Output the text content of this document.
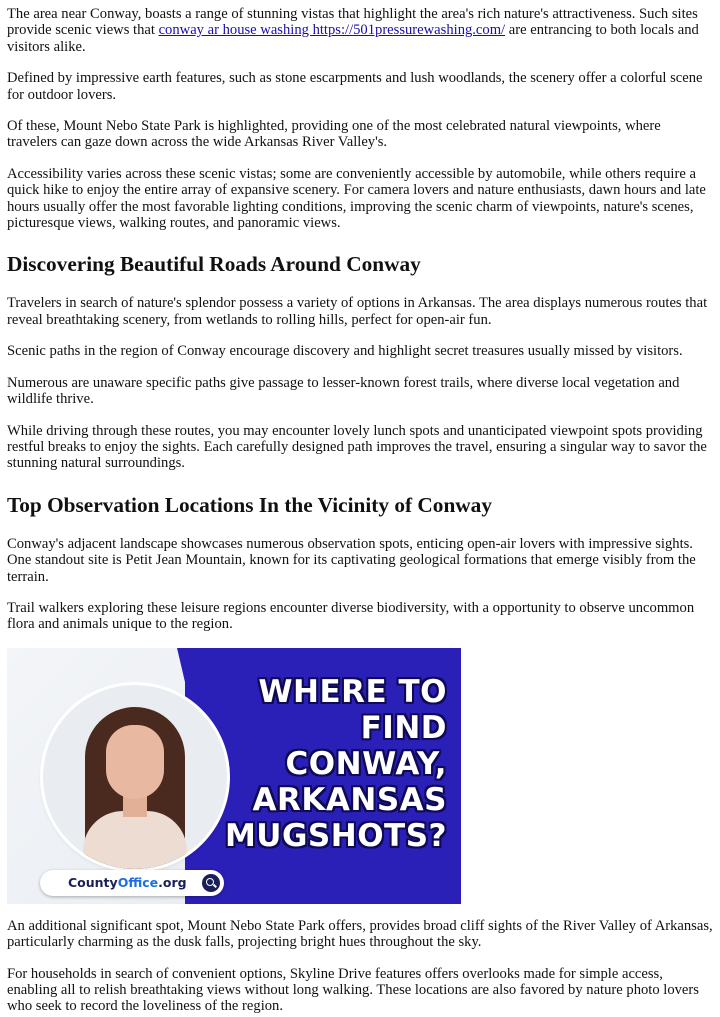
The area near Conway, boasts a range of stunning vistas that highlight the area's rich nature's attractiveness. Such sites provide scenic views that conway ar house washing https://501pressurewashing.com/ are entrancing to both locals and visitors alike.

Defined by impressive earth features, such as stone escarpments and lush woodlands, the scenery offer a colorful scene for outdoor lovers.

Of these, Mount Nebo State Park is highlighted, providing one of the most celebrated natural viewpoints, where travelers can gaze down across the wide Arkansas River Valley's.

Accessibility varies across these scenic vistas; some are conveniently accessible by automobile, while others require a quick hike to enjoy the entire array of expansive scenery. For camera lovers and nature enthusiasts, dawn hours and late hours usually offer the most favorable lighting conditions, improving the scenic charm of viewpoints, nature's scenes, picturesque views, walking routes, and panoramic views.

Discovering Beautiful Roads Around Conway

Travelers in search of nature's splendor possess a variety of options in Arkansas. The area displays numerous routes that reveal breathtaking scenery, from wetlands to rolling hills, perfect for open-air fun.

Scenic paths in the region of Conway encourage discovery and highlight secret treasures usually missed by visitors.

Numerous are unaware specific paths give passage to lesser-known forest trails, where diverse local vegetation and wildlife thrive.

While driving through these routes, you may encounter lovely lunch spots and unanticipated viewpoint spots providing restful breaks to enjoy the sights. Each carefully designed path improves the travel, ensuring a singular way to savor the stunning natural surroundings.

Top Observation Locations In the Vicinity of Conway

Conway's adjacent landscape showcases numerous observation spots, enticing open-air lovers with impressive sights. One standout site is Petit Jean Mountain, known for its captivating geological formations that emerge visibly from the terrain.

Trail walkers exploring these leisure regions encounter diverse biodiversity, with a opportunity to observe uncommon flora and animals unique to the region.

WHERE TO
FIND
CONWAY,
ARKANSAS
MUGSHOTS?
CountyOffice.org

An additional significant spot, Mount Nebo State Park offers, provides broad cliff sights of the River Valley of Arkansas, particularly charming as the dusk falls, projecting bright hues throughout the sky.

For households in search of convenient options, Skyline Drive features offers overlooks made for simple access, enabling all to relish breathtaking views without long walking. These locations are also favored by nature photo lovers who seek to record the loveliness of the region.
